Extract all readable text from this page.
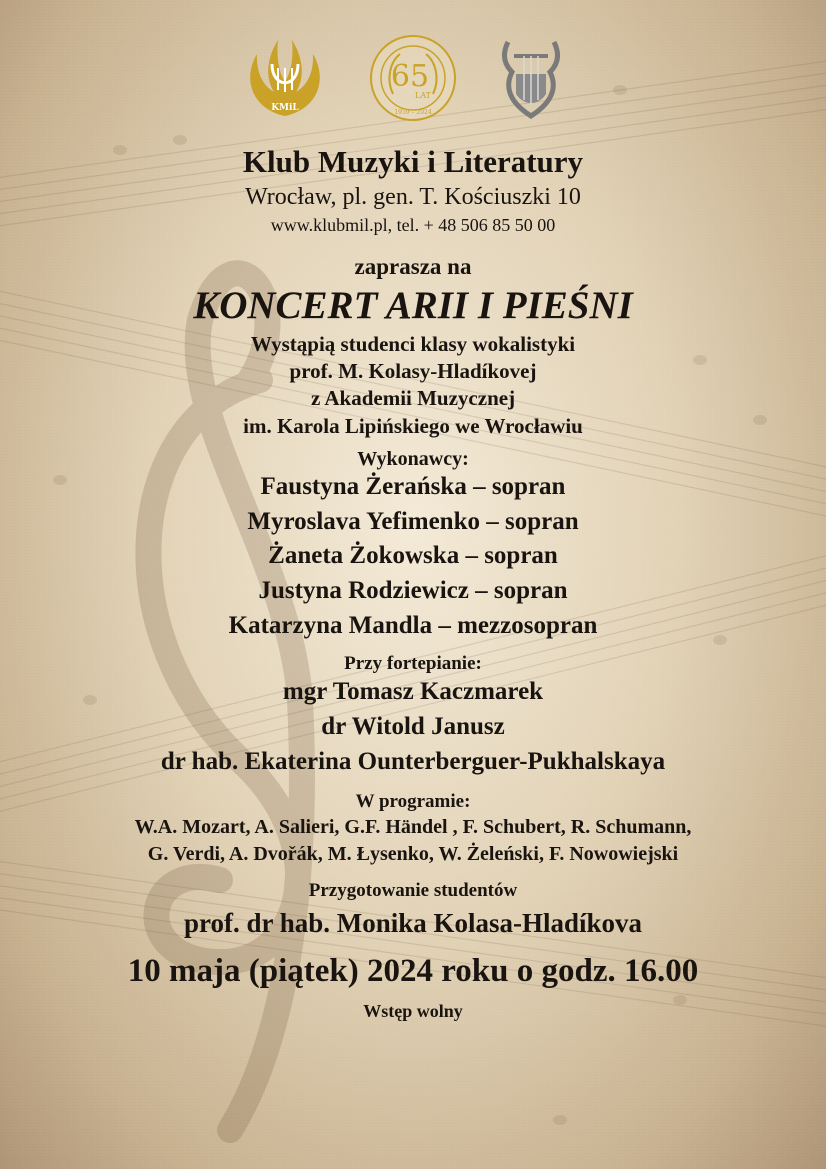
KMiL
65
LAT
1959 – 2024
Klub Muzyki i Literatury
Wrocław, pl. gen. T. Kościuszki 10
www.klubmil.pl, tel. + 48 506 85 50 00
zaprasza na
KONCERT ARII I PIEŚNI
Wystąpią studenci klasy wokalistyki
prof. M. Kolasy-Hladíkovej
z Akademii Muzycznej
im. Karola Lipińskiego we Wrocławiu
Wykonawcy:
Faustyna Żerańska – sopran
Myroslava Yefimenko – sopran
Żaneta Żokowska – sopran
Justyna Rodziewicz – sopran
Katarzyna Mandla – mezzosopran
Przy fortepianie:
mgr Tomasz Kaczmarek
dr Witold Janusz
dr hab. Ekaterina Ounterberguer-Pukhalskaya
W programie:
W.A. Mozart, A. Salieri, G.F. Händel , F. Schubert, R. Schumann,
G. Verdi, A. Dvořák, M. Łysenko, W. Żeleński, F. Nowowiejski
Przygotowanie studentów
prof. dr hab. Monika Kolasa-Hladíkova
10 maja (piątek) 2024 roku o godz. 16.00
Wstęp wolny
